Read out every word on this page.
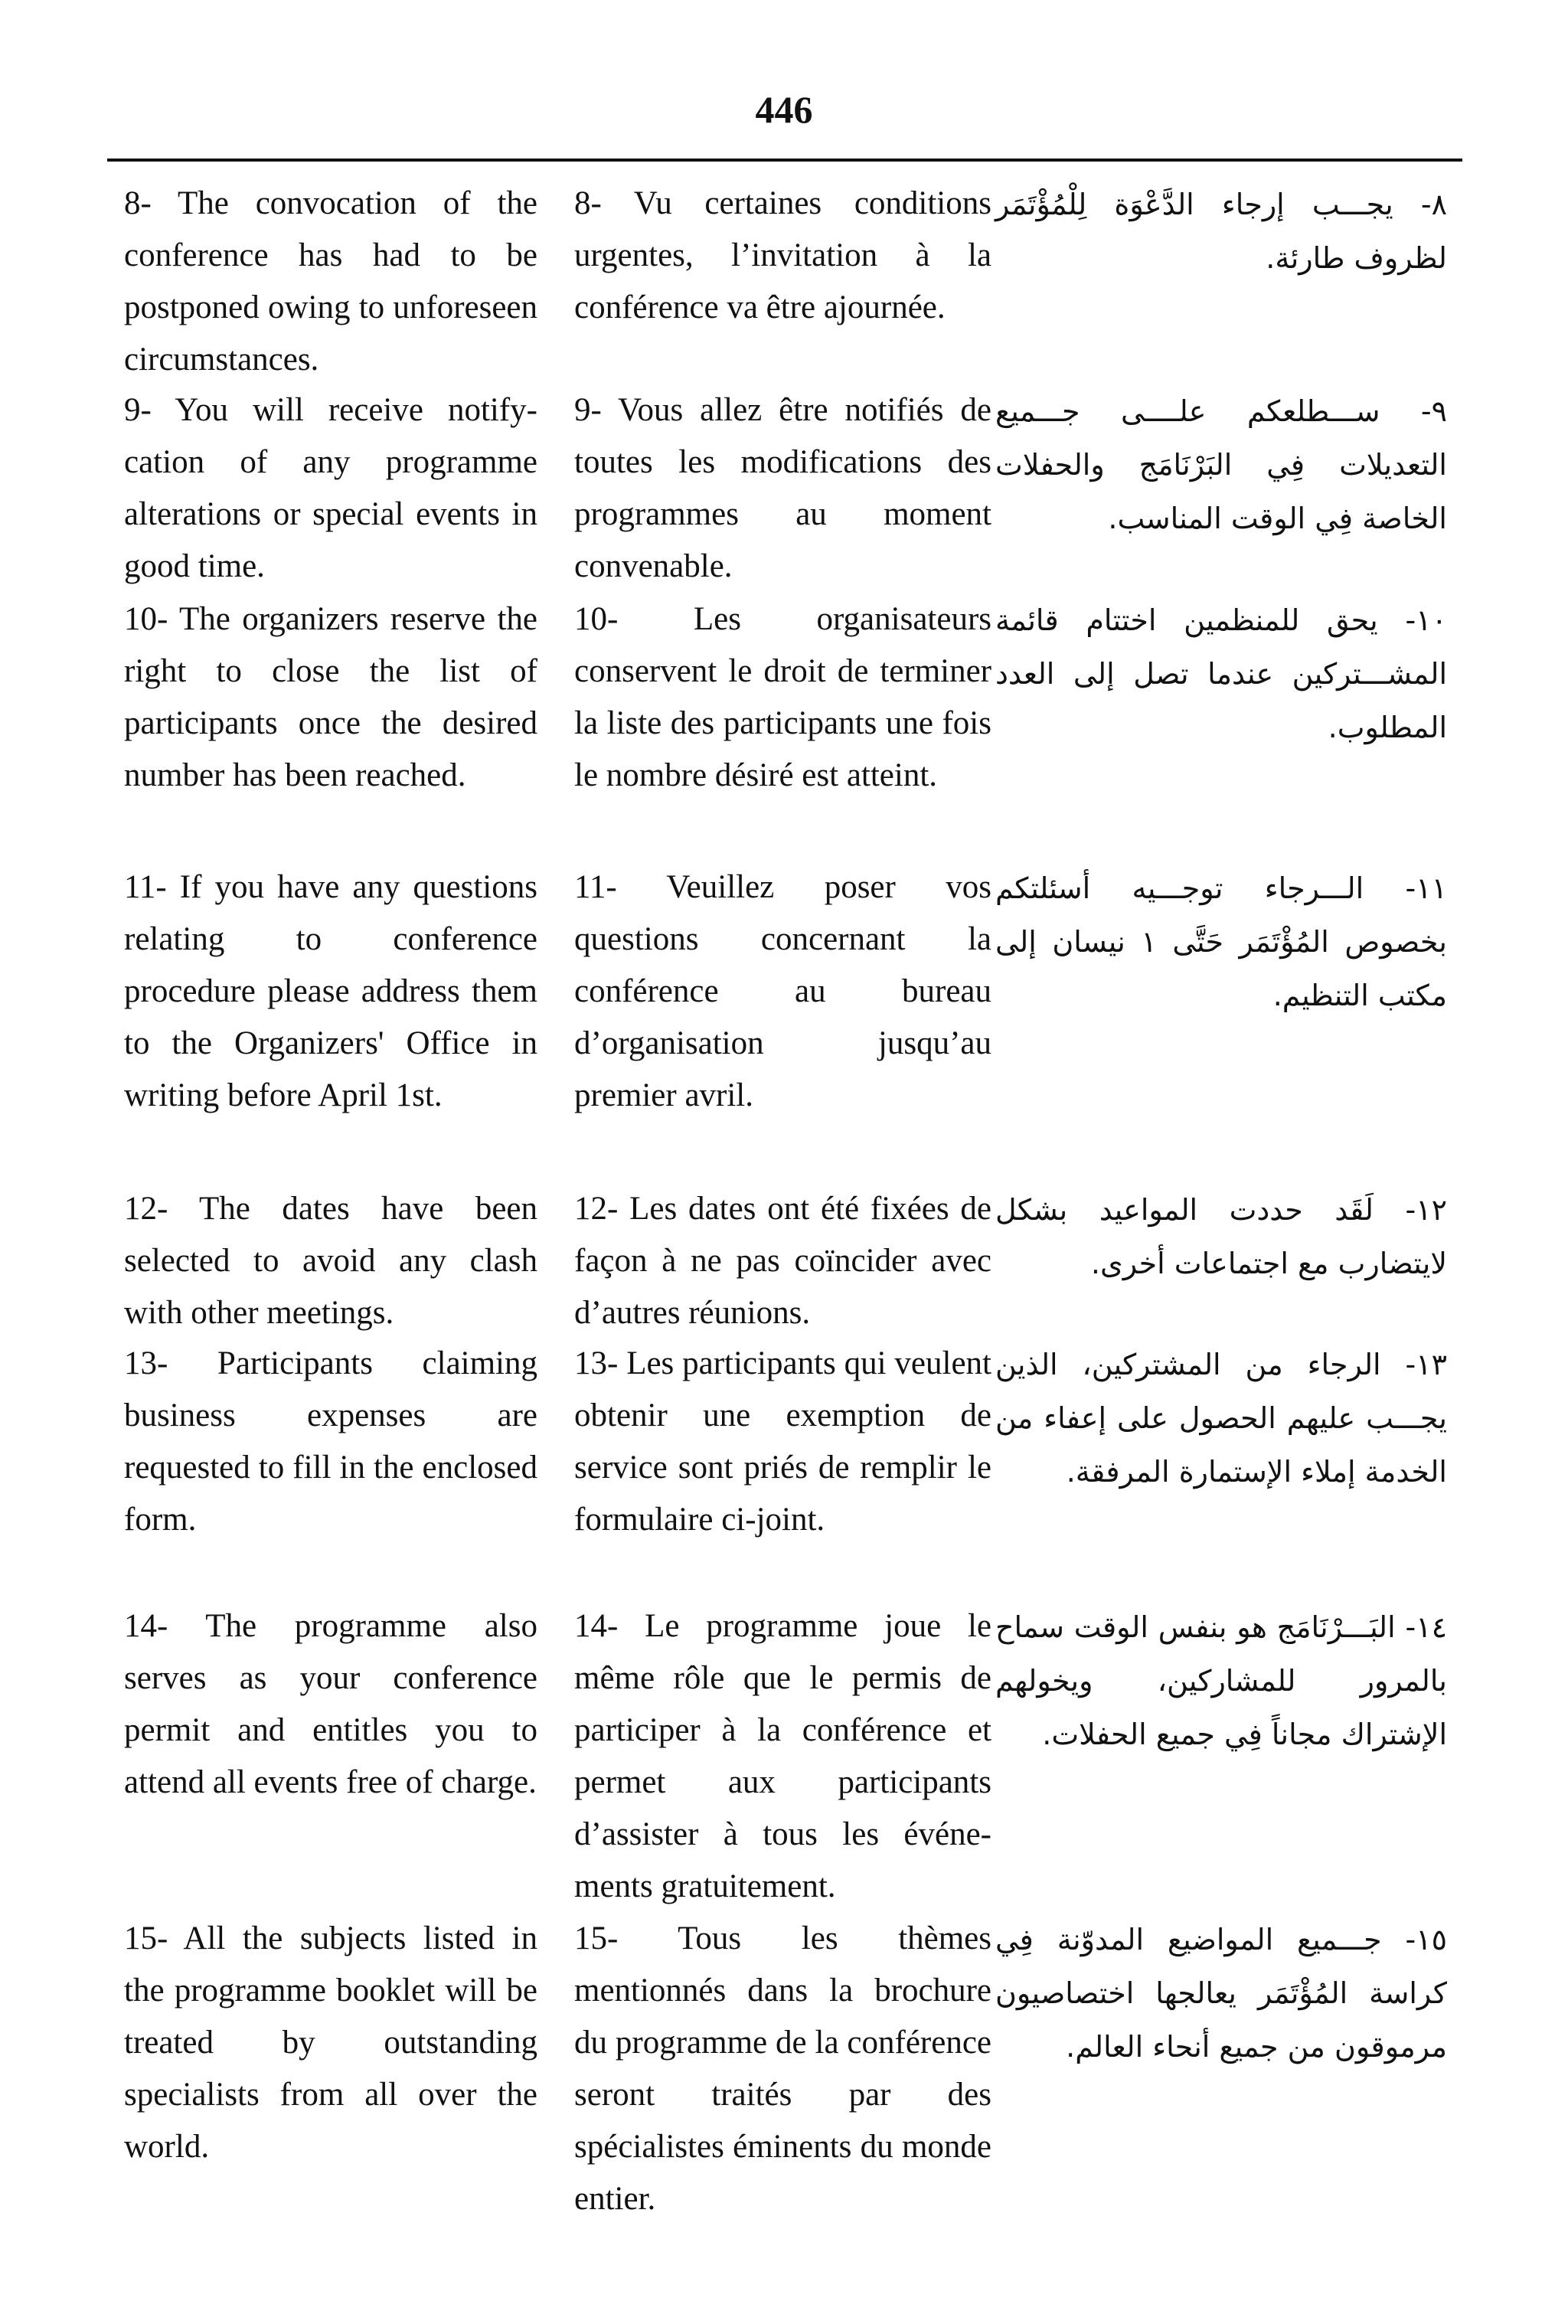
446
8- The convocation of the conference has had to be postponed owing to unforeseen circumstances.
8- Vu certaines conditions urgentes, l’invitation à la conférence va être ajournée.
٨- يجـــب إرجاء الدَّعْوَة لِلْمُؤْتَمَر لظروف طارئة.
9- You will receive notify-cation of any programme alterations or special events in good time.
9- Vous allez être notifiés de toutes les modifications des programmes au moment convenable.
٩- ســـطلعكم علــــى جـــميع التعديلات فِي البَرْنَامَج والحفلات الخاصة فِي الوقت المناسب.
10- The organizers reserve the right to close the list of participants once the desired number has been reached.
10- Les organisateurs conservent le droit de terminer la liste des participants une fois le nombre désiré est atteint.
١٠- يحق للمنظمين اختتام قائمة المشـــتركين عندما تصل إلى العدد المطلوب.
11- If you have any questions relating to conference procedure please address them to the Organizers' Office in writing before April 1st.
11- Veuillez poser vos questions concernant la conférence au bureau d’organisation jusqu’au premier avril.
١١- الـــرجاء توجـــيه أسئلتكم بخصوص المُؤْتَمَر حَتَّى ١ نيسان إلى مكتب التنظيم.
12- The dates have been selected to avoid any clash with other meetings.
12- Les dates ont été fixées de façon à ne pas coïncider avec d’autres réunions.
١٢- لَقَد حددت المواعيد بشكل لايتضارب مع اجتماعات أخرى.
13- Participants claiming business expenses are requested to fill in the enclosed form.
13- Les participants qui veulent obtenir une exemption de service sont priés de remplir le formulaire ci-joint.
١٣- الرجاء من المشتركين، الذين يجـــب عليهم الحصول على إعفاء من الخدمة إملاء الإستمارة المرفقة.
14- The programme also serves as your conference permit and entitles you to attend all events free of charge.
14- Le programme joue le même rôle que le permis de participer à la conférence et permet aux participants d’assister à tous les événe-ments gratuitement.
١٤- البَـــرْنَامَج هو بنفس الوقت سماح بالمرور للمشاركين، ويخولهم الإشتراك مجاناً فِي جميع الحفلات.
15- All the subjects listed in the programme booklet will be treated by outstanding specialists from all over the world.
15- Tous les thèmes mentionnés dans la brochure du programme de la conférence seront traités par des spécialistes éminents du monde entier.
١٥- جـــميع المواضيع المدوّنة فِي كراسة المُؤْتَمَر يعالجها اختصاصيون مرموقون من جميع أنحاء العالم.
